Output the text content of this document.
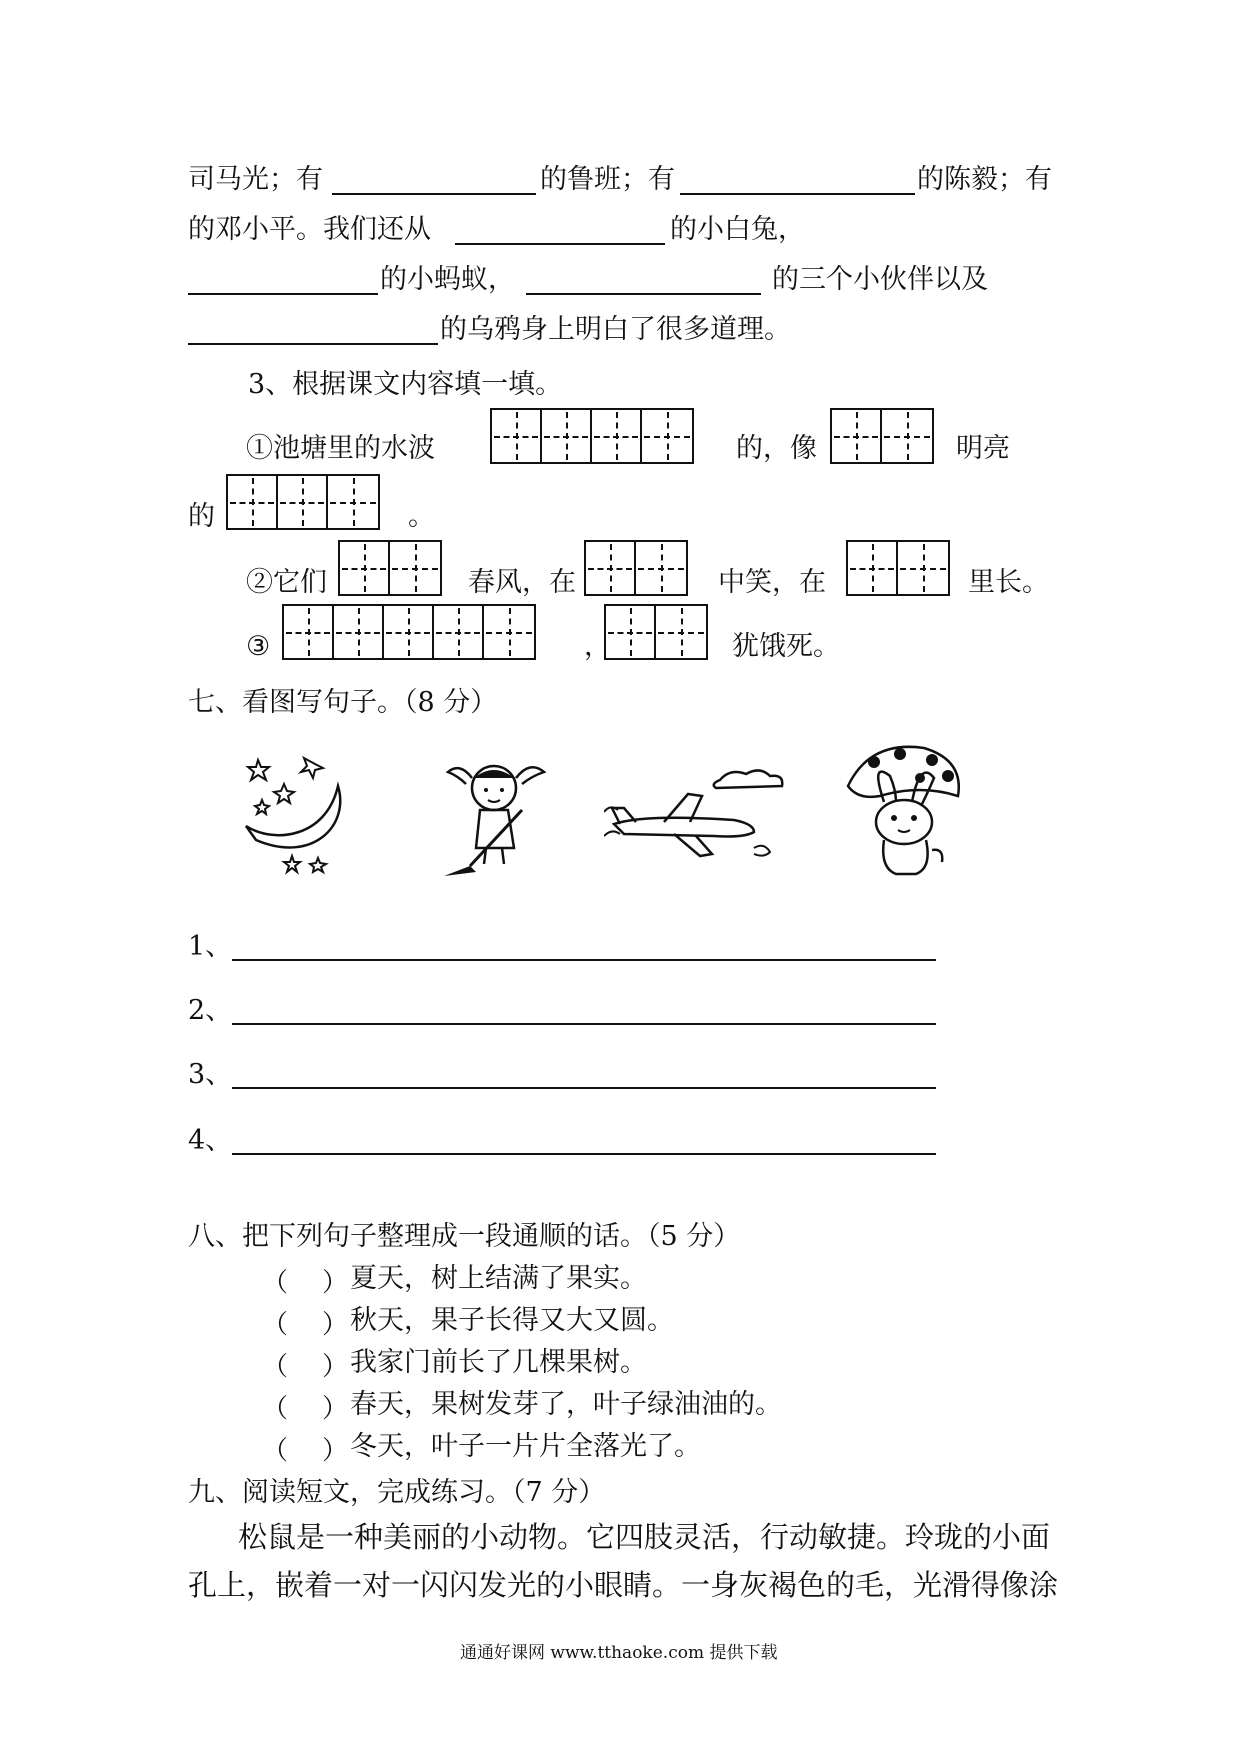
司马光；有	的鲁班；有	的陈毅；有
的邓小平。我们还从	的小白兔，
的小蚂蚁，	的三个小伙伴以及
的乌鸦身上明白了很多道理。
3、根据课文内容填一填。
①池塘里的水波	的，像	明亮
的	。
②它们	春风，在	中笑，在	里长。
③	，	犹饿死。
七、看图写句子。（8 分）
1、
2、
3、
4、
八、把下列句子整理成一段通顺的话。（5 分）
（ ） 夏天，树上结满了果实。
（ ） 秋天，果子长得又大又圆。
（ ） 我家门前长了几棵果树。
（ ） 春天，果树发芽了，叶子绿油油的。
（ ） 冬天，叶子一片片全落光了。
九、阅读短文，完成练习。（7 分）
松鼠是一种美丽的小动物。它四肢灵活，行动敏捷。玲珑的小面
孔上，嵌着一对一闪闪发光的小眼睛。一身灰褐色的毛，光滑得像涂
通通好课网 www.tthaoke.com 提供下载
